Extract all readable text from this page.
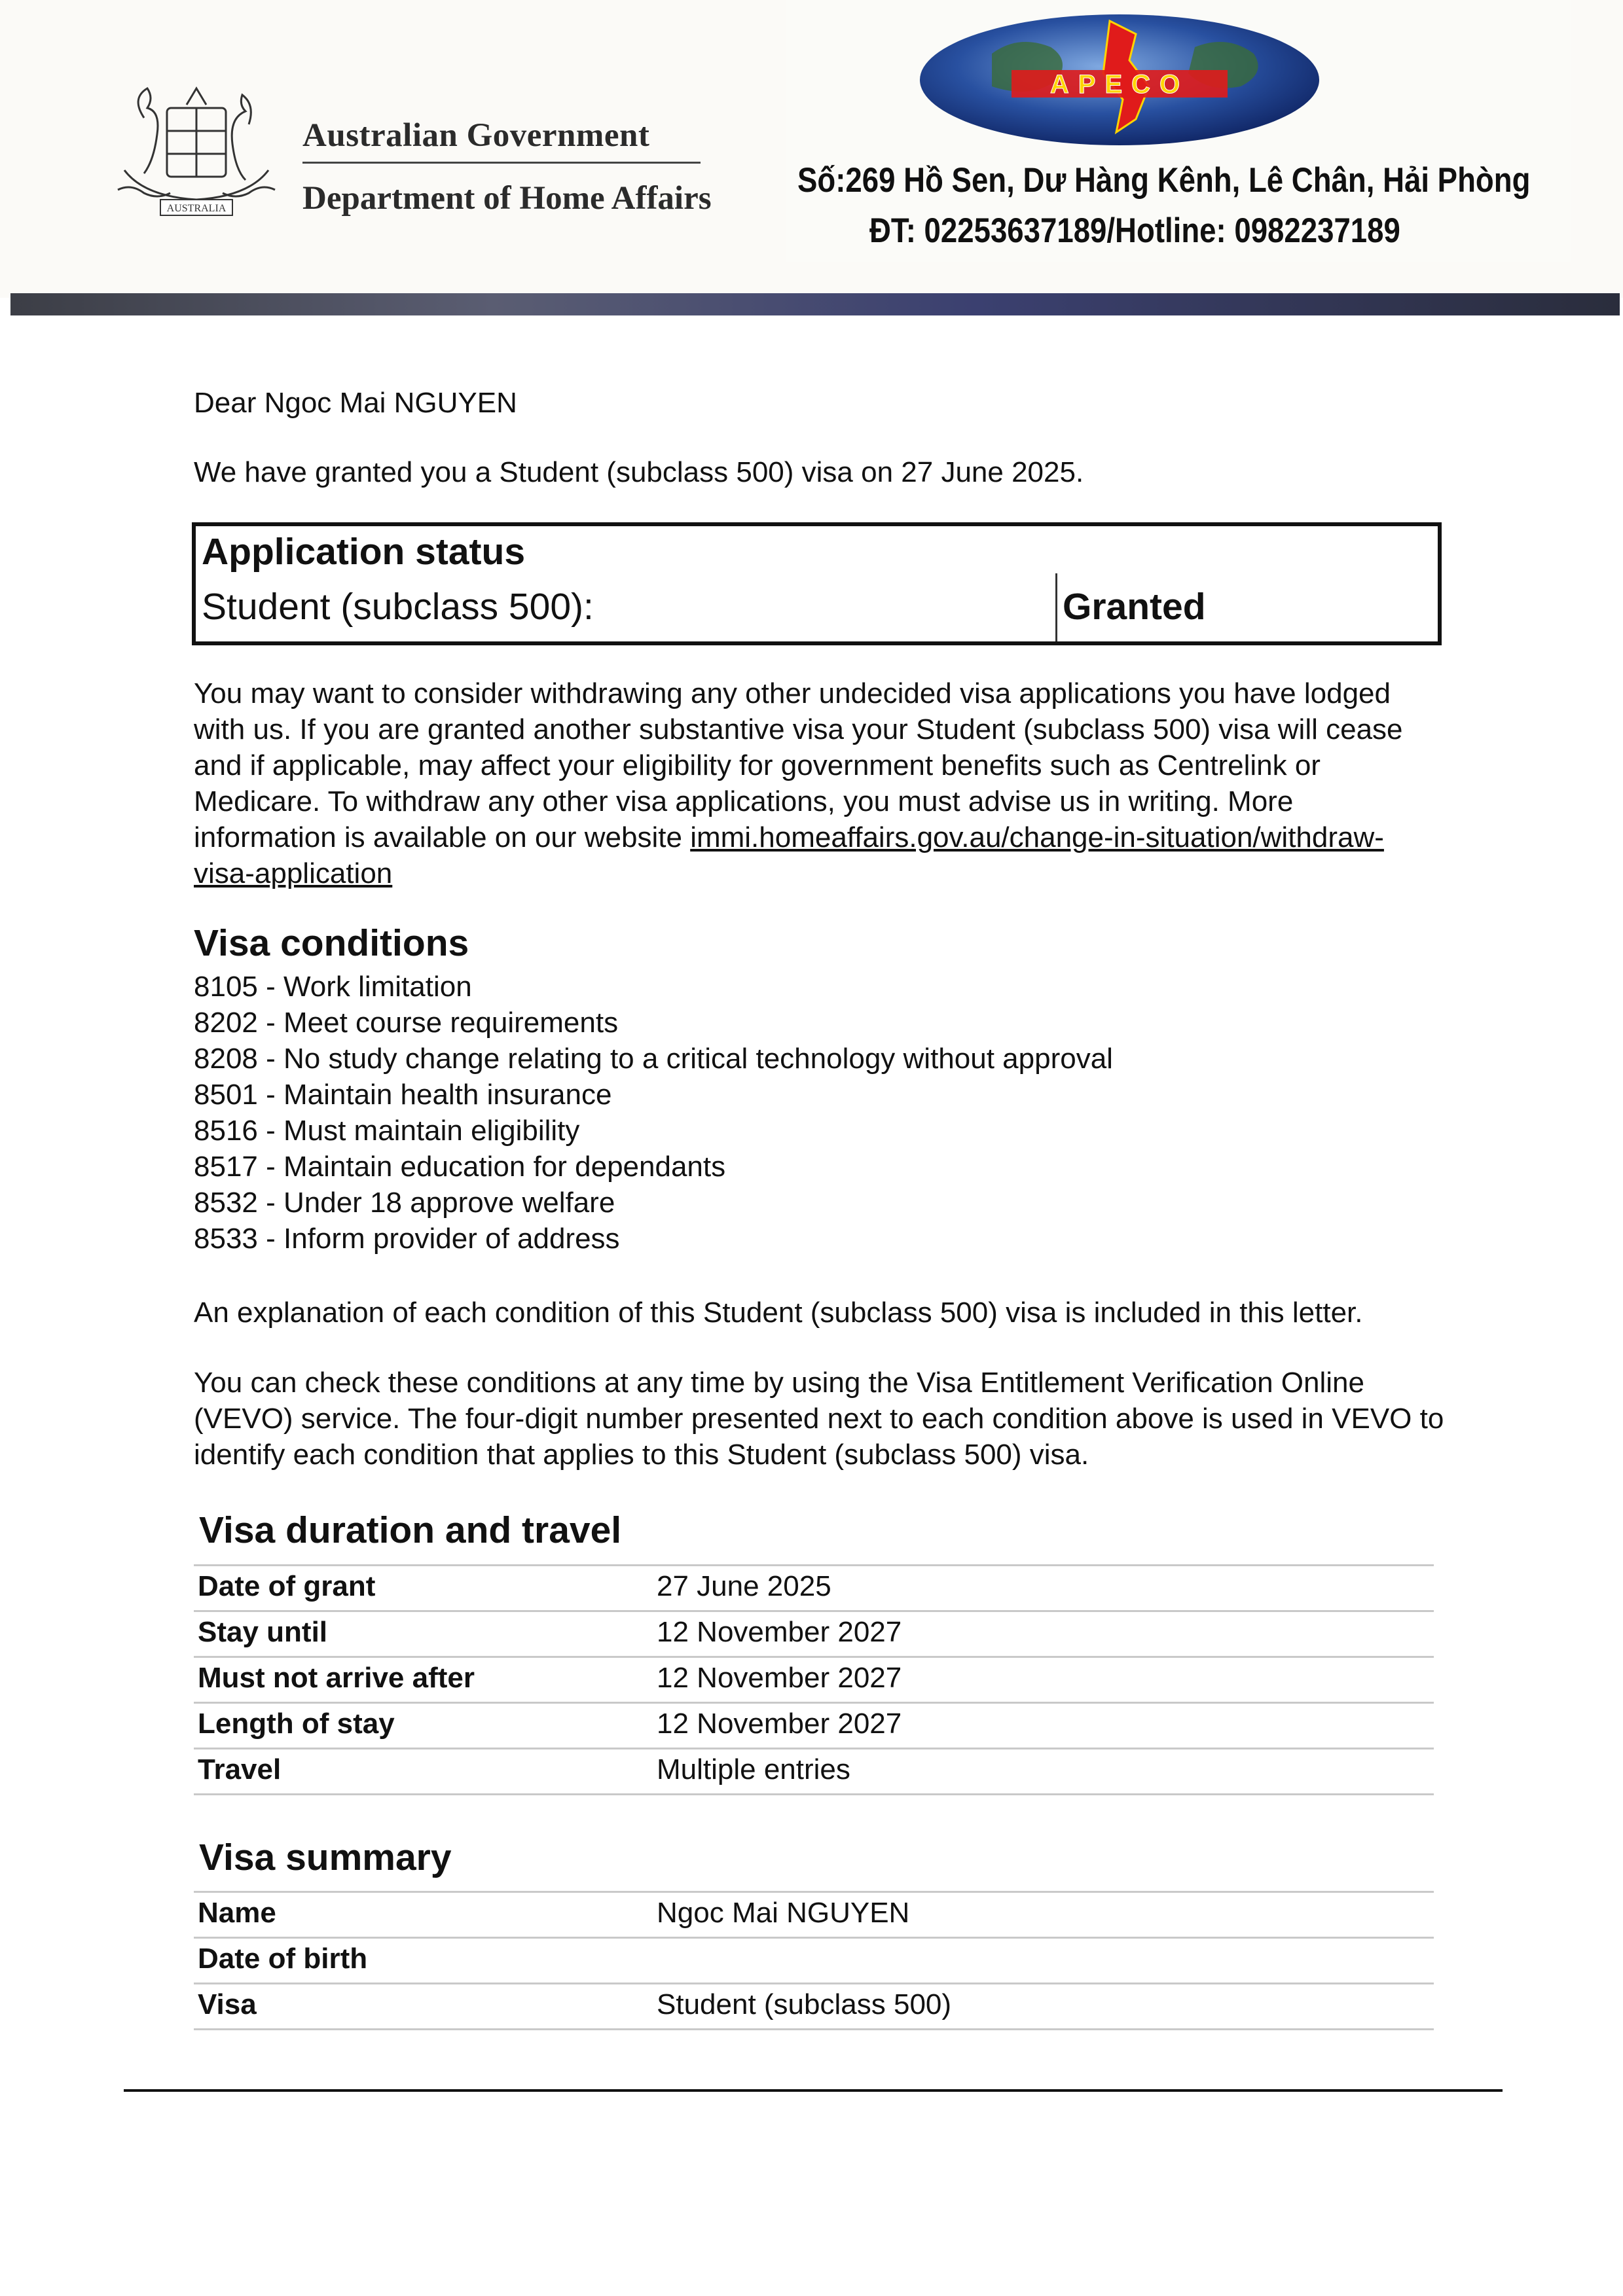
AUSTRALIA
Australian Government
Department of Home Affairs
APECO
Số:269 Hồ Sen, Dư Hàng Kênh, Lê Chân, Hải Phòng
ĐT: 02253637189/Hotline: 0982237189
Dear Ngoc Mai NGUYEN
We have granted you a Student (subclass 500) visa on 27 June 2025.
Application status
Student (subclass 500):	Granted
You may want to consider withdrawing any other undecided visa applications you have lodged with us. If you are granted another substantive visa your Student (subclass 500) visa will cease and if applicable, may affect your eligibility for government benefits such as Centrelink or Medicare. To withdraw any other visa applications, you must advise us in writing. More information is available on our website immi.homeaffairs.gov.au/change-in-situation/withdraw-visa-application
Visa conditions
8105 - Work limitation
8202 - Meet course requirements
8208 - No study change relating to a critical technology without approval
8501 - Maintain health insurance
8516 - Must maintain eligibility
8517 - Maintain education for dependants
8532 - Under 18 approve welfare
8533 - Inform provider of address
An explanation of each condition of this Student (subclass 500) visa is included in this letter.
You can check these conditions at any time by using the Visa Entitlement Verification Online (VEVO) service. The four-digit number presented next to each condition above is used in VEVO to identify each condition that applies to this Student (subclass 500) visa.
Visa duration and travel
Date of grant	27 June 2025
Stay until	12 November 2027
Must not arrive after	12 November 2027
Length of stay	12 November 2027
Travel	Multiple entries
Visa summary
Name	Ngoc Mai NGUYEN
Date of birth	
Visa	Student (subclass 500)
